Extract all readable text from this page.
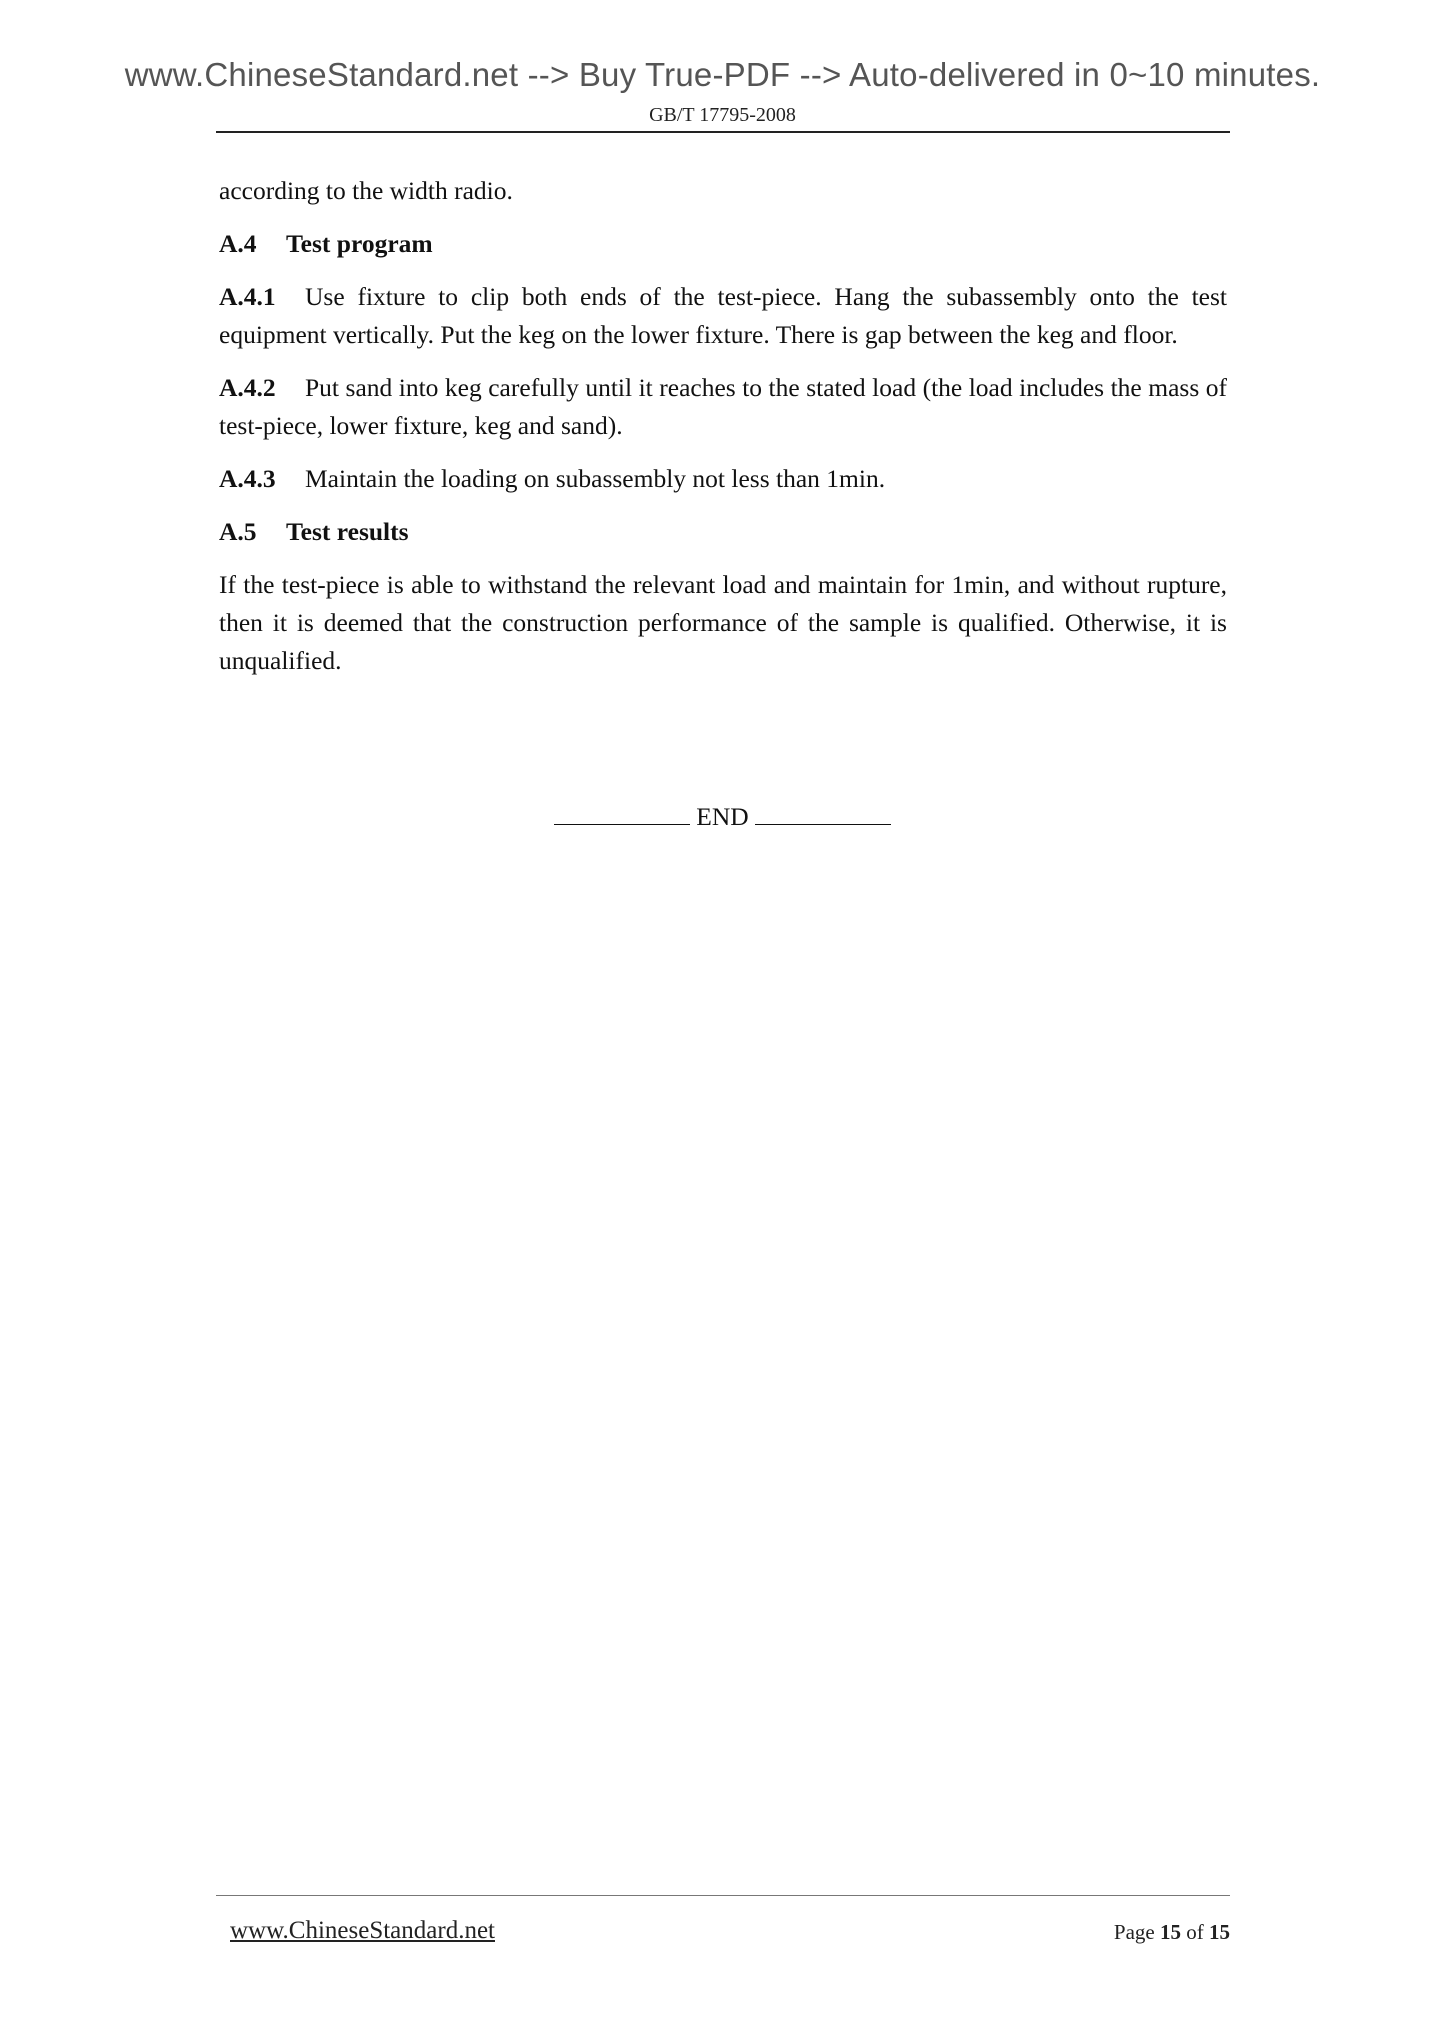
www.ChineseStandard.net --> Buy True-PDF --> Auto-delivered in 0~10 minutes.
GB/T 17795-2008

according to the width radio.

A.4 Test program

A.4.1 Use fixture to clip both ends of the test-piece. Hang the subassembly onto the test equipment vertically. Put the keg on the lower fixture. There is gap between the keg and floor.

A.4.2 Put sand into keg carefully until it reaches to the stated load (the load includes the mass of test-piece, lower fixture, keg and sand).

A.4.3 Maintain the loading on subassembly not less than 1min.

A.5 Test results

If the test-piece is able to withstand the relevant load and maintain for 1min, and without rupture, then it is deemed that the construction performance of the sample is qualified. Otherwise, it is unqualified.

END
www.ChineseStandard.net	Page 15 of 15
